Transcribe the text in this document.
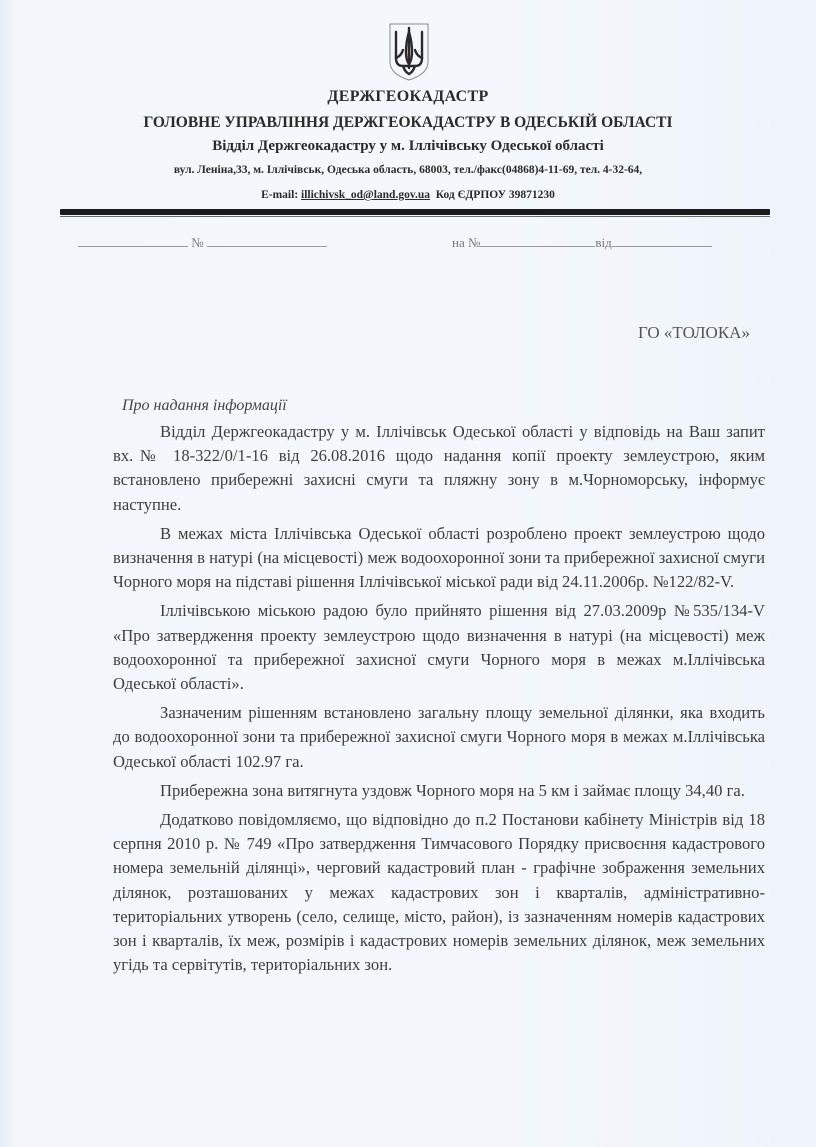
ДЕРЖГЕОКАДАСТР
ГОЛОВНЕ УПРАВЛІННЯ ДЕРЖГЕОКАДАСТРУ В ОДЕСЬКІЙ ОБЛАСТІ
Відділ Держгеокадастру у м. Іллічівську Одеської області
вул. Леніна,33, м. Іллічівськ, Одеська область, 68003, тел./факс(04868)4-11-69, тел. 4-32-64,
E-mail: illichivsk_od@land.gov.ua Код ЄДРПОУ 39871230
№	на №	від
ГО «ТОЛОКА»
Про надання інформації

Відділ Держгеокадастру у м. Іллічівськ Одеської області у відповідь на Ваш запит вх.№ 18-322/0/1-16 від 26.08.2016 щодо надання копії проекту землеустрою, яким встановлено прибережні захисні смуги та пляжну зону в м.Чорноморську, інформує наступне.

В межах міста Іллічівська Одеської області розроблено проект землеустрою щодо визначення в натурі (на місцевості) меж водоохоронної зони та прибережної захисної смуги Чорного моря на підставі рішення Іллічівської міської ради від 24.11.2006р. №122/82-V.

Іллічівською міською радою було прийнято рішення від 27.03.2009р №535/134-V «Про затвердження проекту землеустрою щодо визначення в натурі (на місцевості) меж водоохоронної та прибережної захисної смуги Чорного моря в межах м.Іллічівська Одеської області».

Зазначеним рішенням встановлено загальну площу земельної ділянки, яка входить до водоохоронної зони та прибережної захисної смуги Чорного моря в межах м.Іллічівська Одеської області 102.97 га.

Прибережна зона витягнута уздовж Чорного моря на 5 км і займає площу 34,40 га.

Додатково повідомляємо, що відповідно до п.2 Постанови кабінету Міністрів від 18 серпня 2010 р. № 749 «Про затвердження Тимчасового Порядку присвоєння кадастрового номера земельній ділянці», черговий кадастровий план - графічне зображення земельних ділянок, розташованих у межах кадастрових зон і кварталів, адміністративно-територіальних утворень (село, селище, місто, район), із зазначенням номерів кадастрових зон і кварталів, їх меж, розмірів і кадастрових номерів земельних ділянок, меж земельних угідь та сервітутів, територіальних зон.
